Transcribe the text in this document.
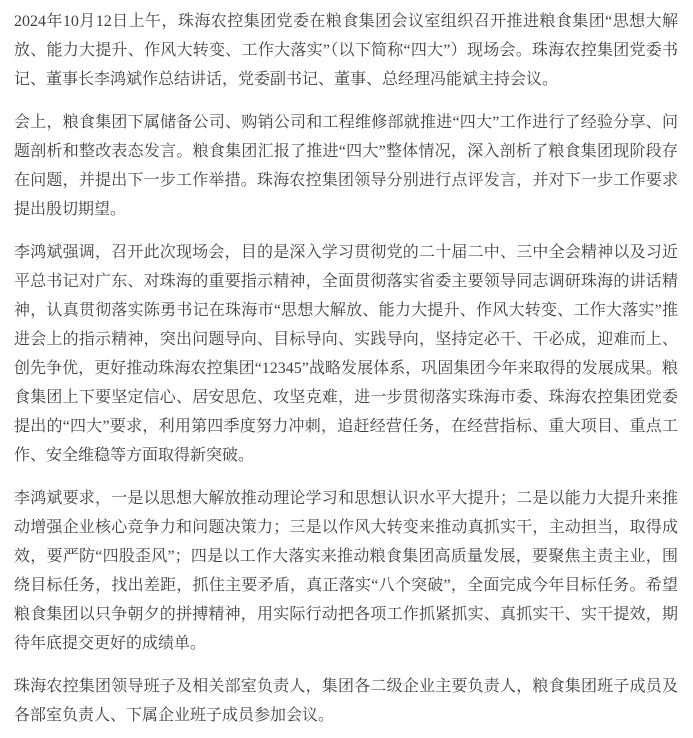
2024年10月12日上午，珠海农控集团党委在粮食集团会议室组织召开推进粮食集团“思想大解放、能力大提升、作风大转变、工作大落实”（以下简称“四大”）现场会。珠海农控集团党委书记、董事长李鸿斌作总结讲话，党委副书记、董事、总经理冯能斌主持会议。

会上，粮食集团下属储备公司、购销公司和工程维修部就推进“四大”工作进行了经验分享、问题剖析和整改表态发言。粮食集团汇报了推进“四大”整体情况，深入剖析了粮食集团现阶段存在问题，并提出下一步工作举措。珠海农控集团领导分别进行点评发言，并对下一步工作要求提出殷切期望。

李鸿斌强调，召开此次现场会，目的是深入学习贯彻党的二十届二中、三中全会精神以及习近平总书记对广东、对珠海的重要指示精神，全面贯彻落实省委主要领导同志调研珠海的讲话精神，认真贯彻落实陈勇书记在珠海市“思想大解放、能力大提升、作风大转变、工作大落实”推进会上的指示精神，突出问题导向、目标导向、实践导向，坚持定必干、干必成，迎难而上、创先争优，更好推动珠海农控集团“12345”战略发展体系，巩固集团今年来取得的发展成果。粮食集团上下要坚定信心、居安思危、攻坚克难，进一步贯彻落实珠海市委、珠海农控集团党委提出的“四大”要求，利用第四季度努力冲刺，追赶经营任务，在经营指标、重大项目、重点工作、安全维稳等方面取得新突破。

李鸿斌要求，一是以思想大解放推动理论学习和思想认识水平大提升；二是以能力大提升来推动增强企业核心竞争力和问题决策力；三是以作风大转变来推动真抓实干，主动担当，取得成效，要严防“四股歪风”；四是以工作大落实来推动粮食集团高质量发展，要聚焦主责主业，围绕目标任务，找出差距，抓住主要矛盾，真正落实“八个突破”，全面完成今年目标任务。希望粮食集团以只争朝夕的拼搏精神，用实际行动把各项工作抓紧抓实、真抓实干、实干提效，期待年底提交更好的成绩单。

珠海农控集团领导班子及相关部室负责人，集团各二级企业主要负责人，粮食集团班子成员及各部室负责人、下属企业班子成员参加会议。
